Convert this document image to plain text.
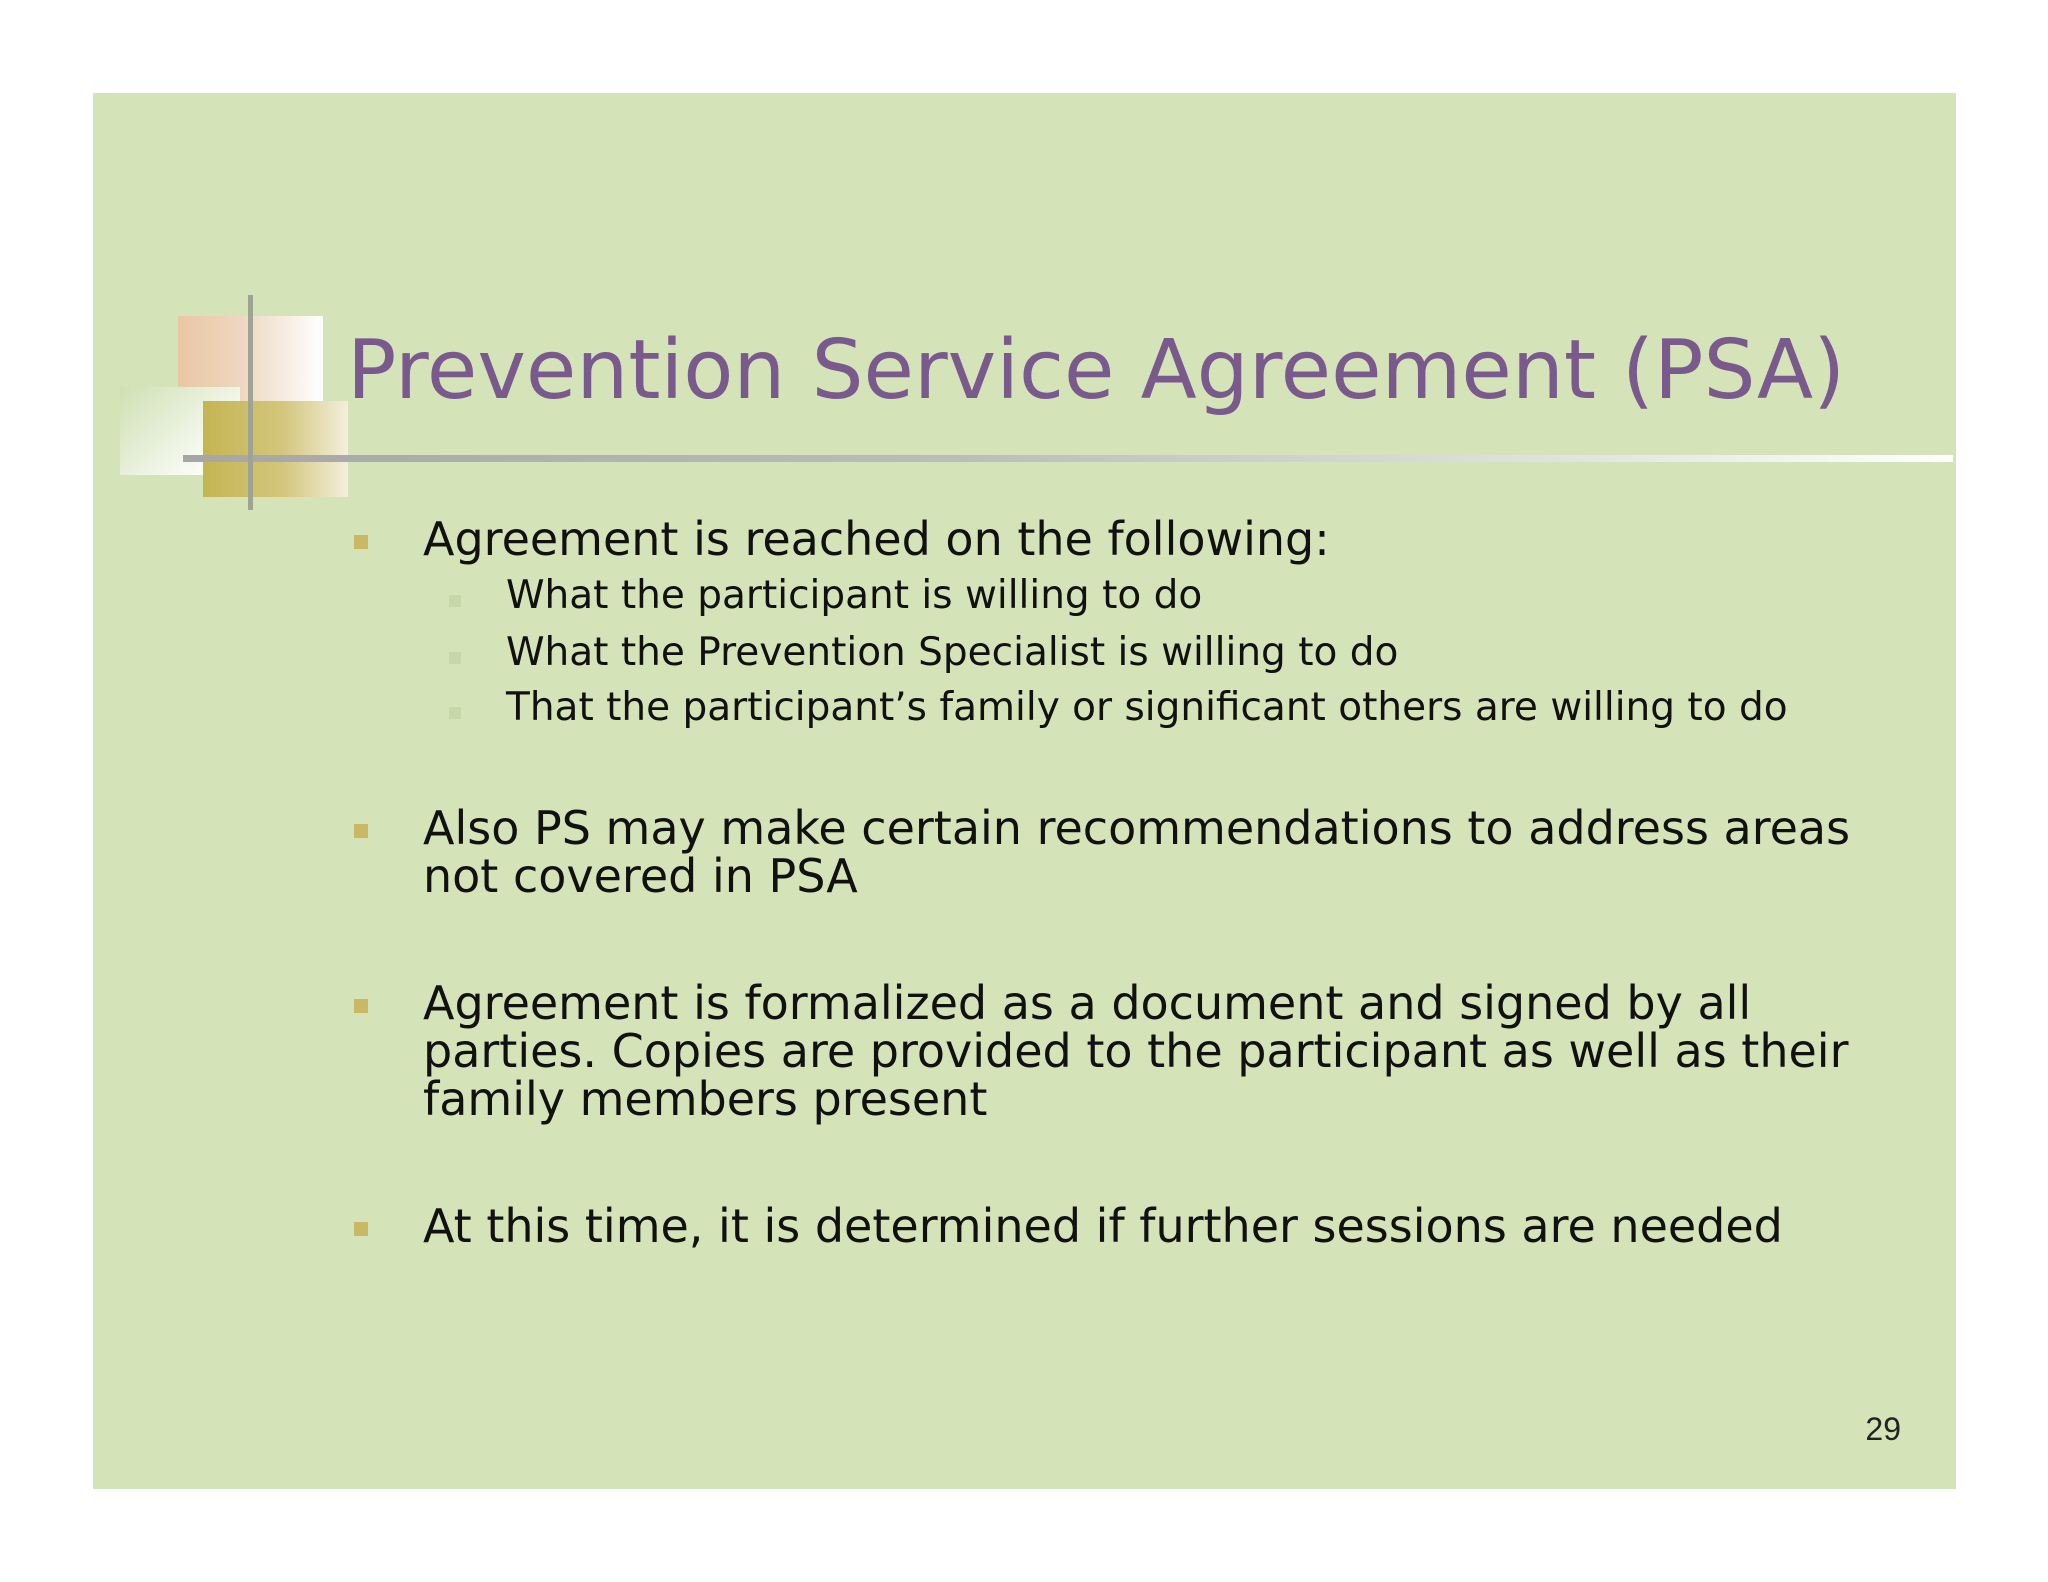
Prevention Service Agreement (PSA)

Agreement is reached on the following:

What the participant is willing to do

What the Prevention Specialist is willing to do

That the participant’s family or significant others are willing to do

Also PS may make certain recommendations to address areas

not covered in PSA

Agreement is formalized as a document and signed by all

parties. Copies are provided to the participant as well as their

family members present

At this time, it is determined if further sessions are needed

29
